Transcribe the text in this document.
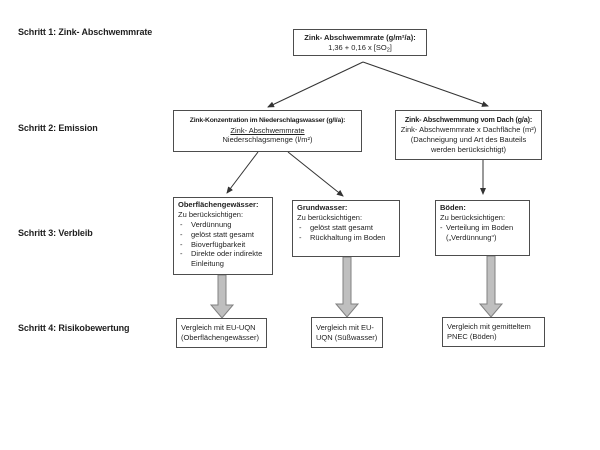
Schritt 1: Zink- Abschwemmrate
Schritt 2: Emission
Schritt 3: Verbleib
Schritt 4: Risikobewertung
Zink- Abschwemmrate (g/m²/a):
1,36 + 0,16 x $[SO_2]$
Zink-Konzentration im Niederschlagswasser (g/l/a):
Zink- Abschwemmrate
Niederschlagsmenge (l/m²)
Zink- Abschwemmung vom Dach (g/a):
Zink- Abschwemmrate x Dachfläche (m²) (Dachneigung und Art des Bauteils werden berücksichtigt)
Oberflächengewässer:
Zu berücksichtigen:
- Verdünnung
- gelöst statt gesamt
- Bioverfügbarkeit
- Direkte oder indirekte Einleitung
Grundwasser:
Zu berücksichtigen:
- gelöst statt gesamt
- Rückhaltung im Boden
Böden:
Zu berücksichtigen:
- Verteilung im Boden („Verdünnung“)
Vergleich mit EU-UQN (Oberflächengewässer)
Vergleich mit EU-UQN (Süßwasser)
Vergleich mit gemitteltem PNEC (Böden)
